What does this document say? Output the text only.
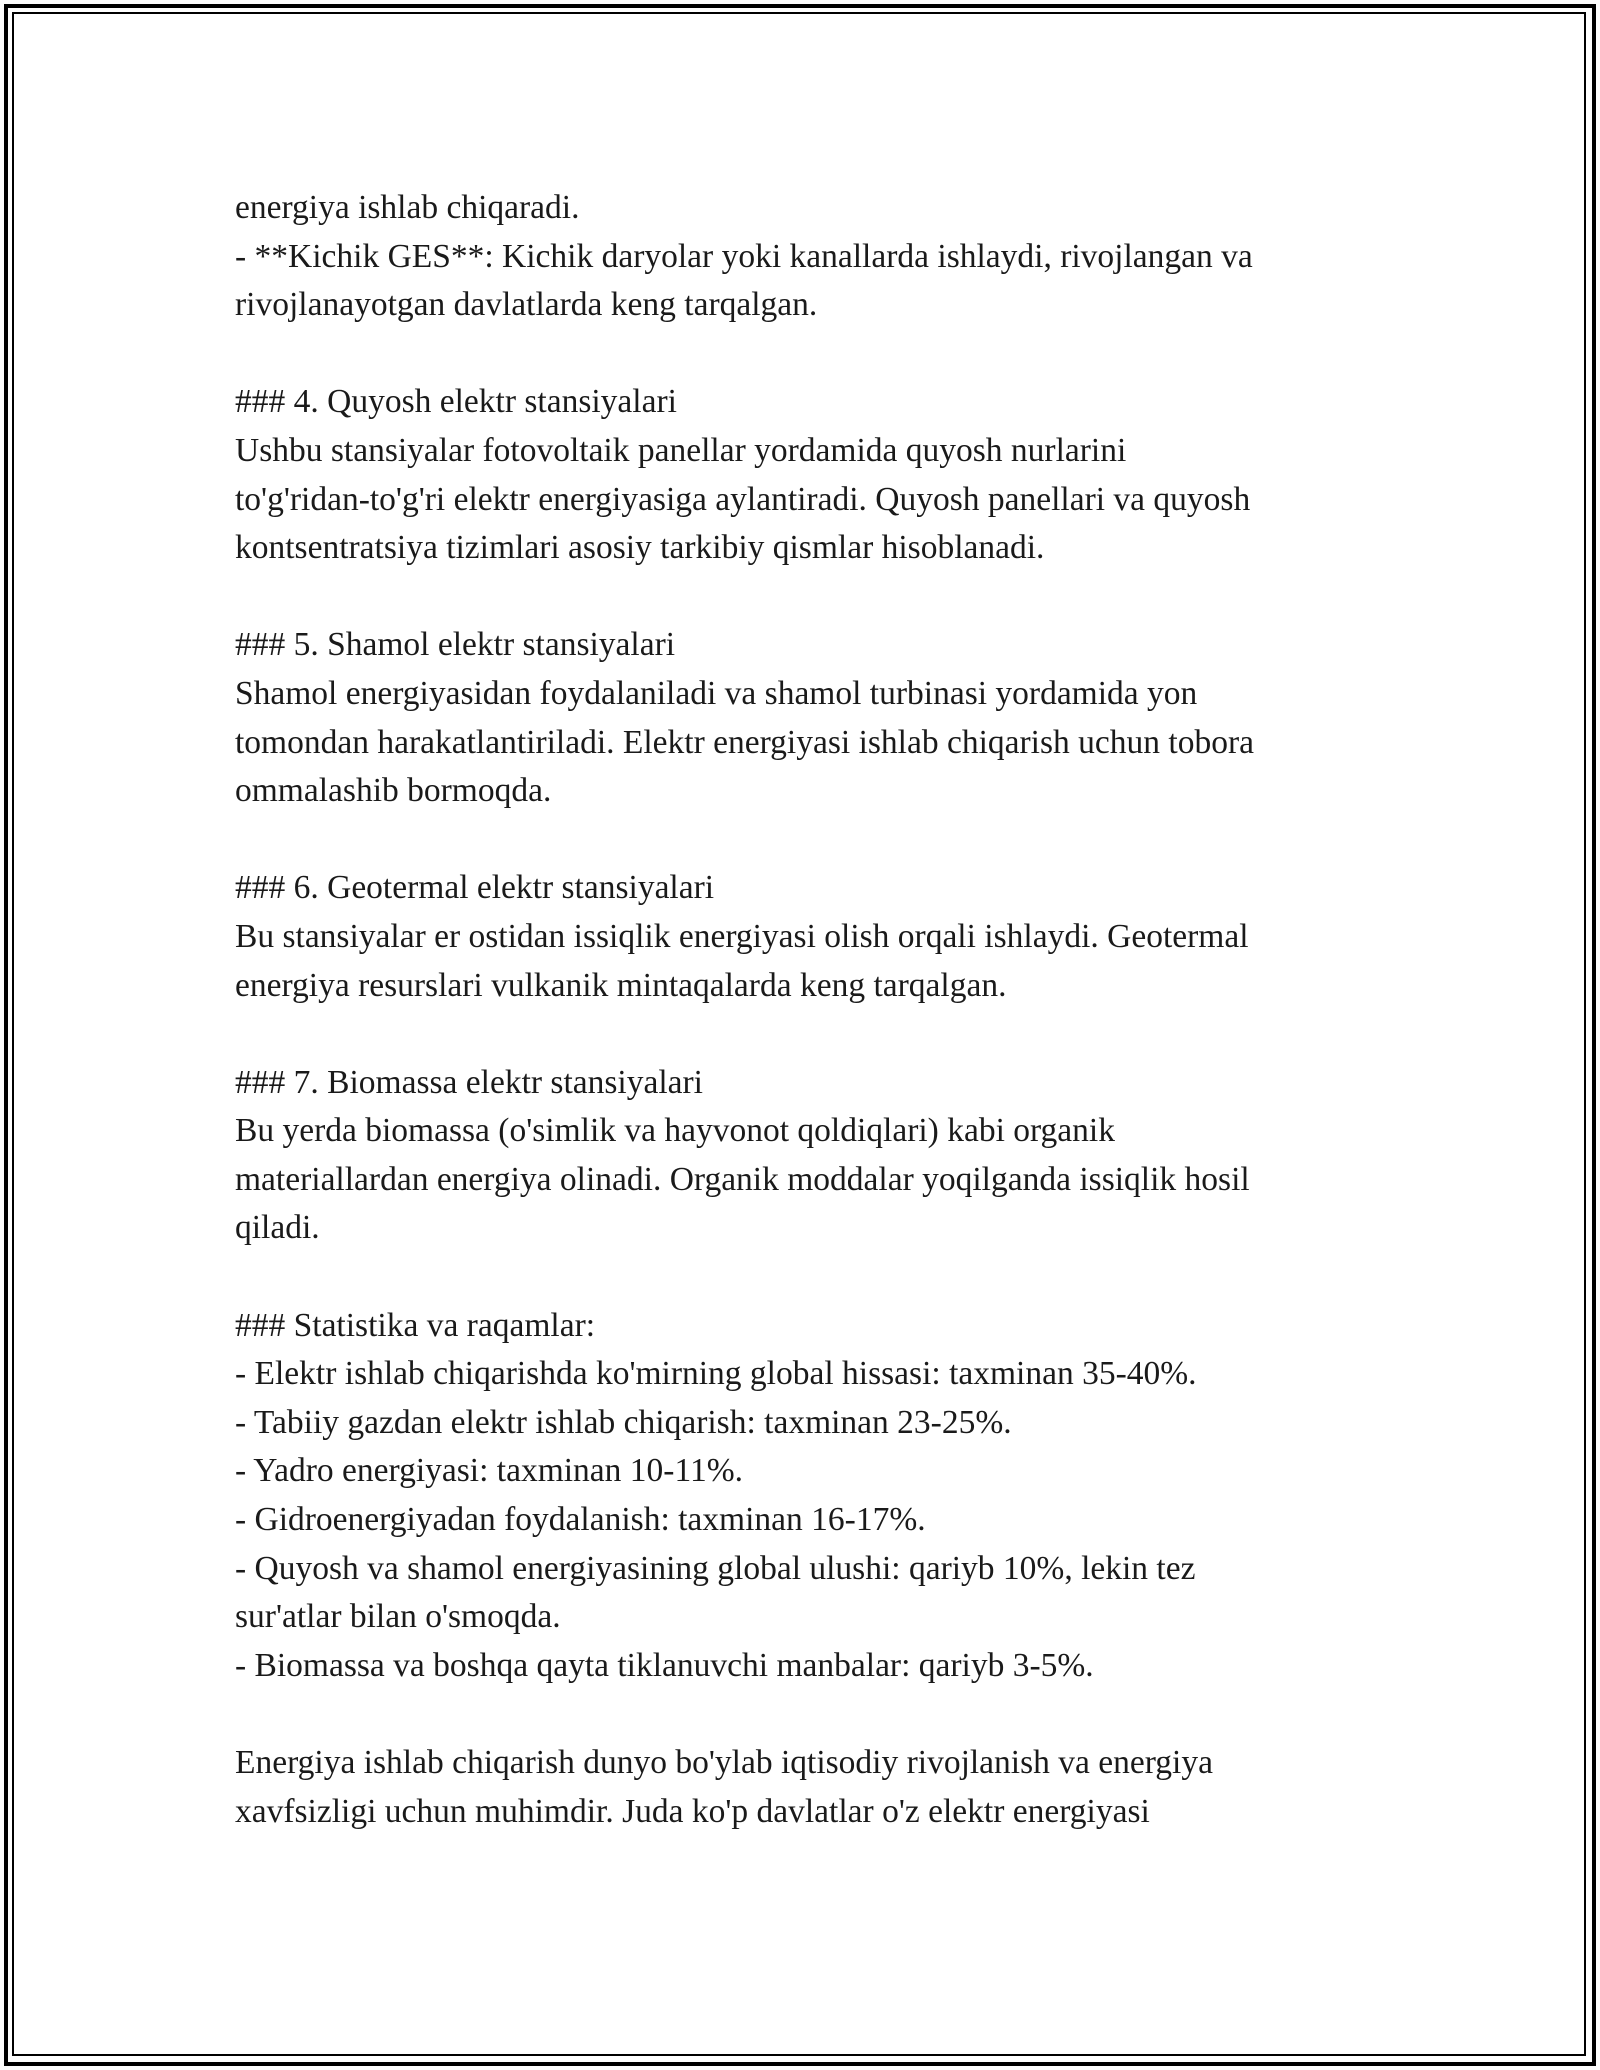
energiya ishlab chiqaradi.
- **Kichik GES**: Kichik daryolar yoki kanallarda ishlaydi, rivojlangan va
rivojlanayotgan davlatlarda keng tarqalgan.
### 4. Quyosh elektr stansiyalari
Ushbu stansiyalar fotovoltaik panellar yordamida quyosh nurlarini
to'g'ridan-to'g'ri elektr energiyasiga aylantiradi. Quyosh panellari va quyosh
kontsentratsiya tizimlari asosiy tarkibiy qismlar hisoblanadi.
### 5. Shamol elektr stansiyalari
Shamol energiyasidan foydalaniladi va shamol turbinasi yordamida yon
tomondan harakatlantiriladi. Elektr energiyasi ishlab chiqarish uchun tobora
ommalashib bormoqda.
### 6. Geotermal elektr stansiyalari
Bu stansiyalar er ostidan issiqlik energiyasi olish orqali ishlaydi. Geotermal
energiya resurslari vulkanik mintaqalarda keng tarqalgan.
### 7. Biomassa elektr stansiyalari
Bu yerda biomassa (o'simlik va hayvonot qoldiqlari) kabi organik
materiallardan energiya olinadi. Organik moddalar yoqilganda issiqlik hosil
qiladi.
### Statistika va raqamlar:
- Elektr ishlab chiqarishda ko'mirning global hissasi: taxminan 35-40%.
- Tabiiy gazdan elektr ishlab chiqarish: taxminan 23-25%.
- Yadro energiyasi: taxminan 10-11%.
- Gidroenergiyadan foydalanish: taxminan 16-17%.
- Quyosh va shamol energiyasining global ulushi: qariyb 10%, lekin tez
sur'atlar bilan o'smoqda.
- Biomassa va boshqa qayta tiklanuvchi manbalar: qariyb 3-5%.
Energiya ishlab chiqarish dunyo bo'ylab iqtisodiy rivojlanish va energiya
xavfsizligi uchun muhimdir. Juda ko'p davlatlar o'z elektr energiyasi
